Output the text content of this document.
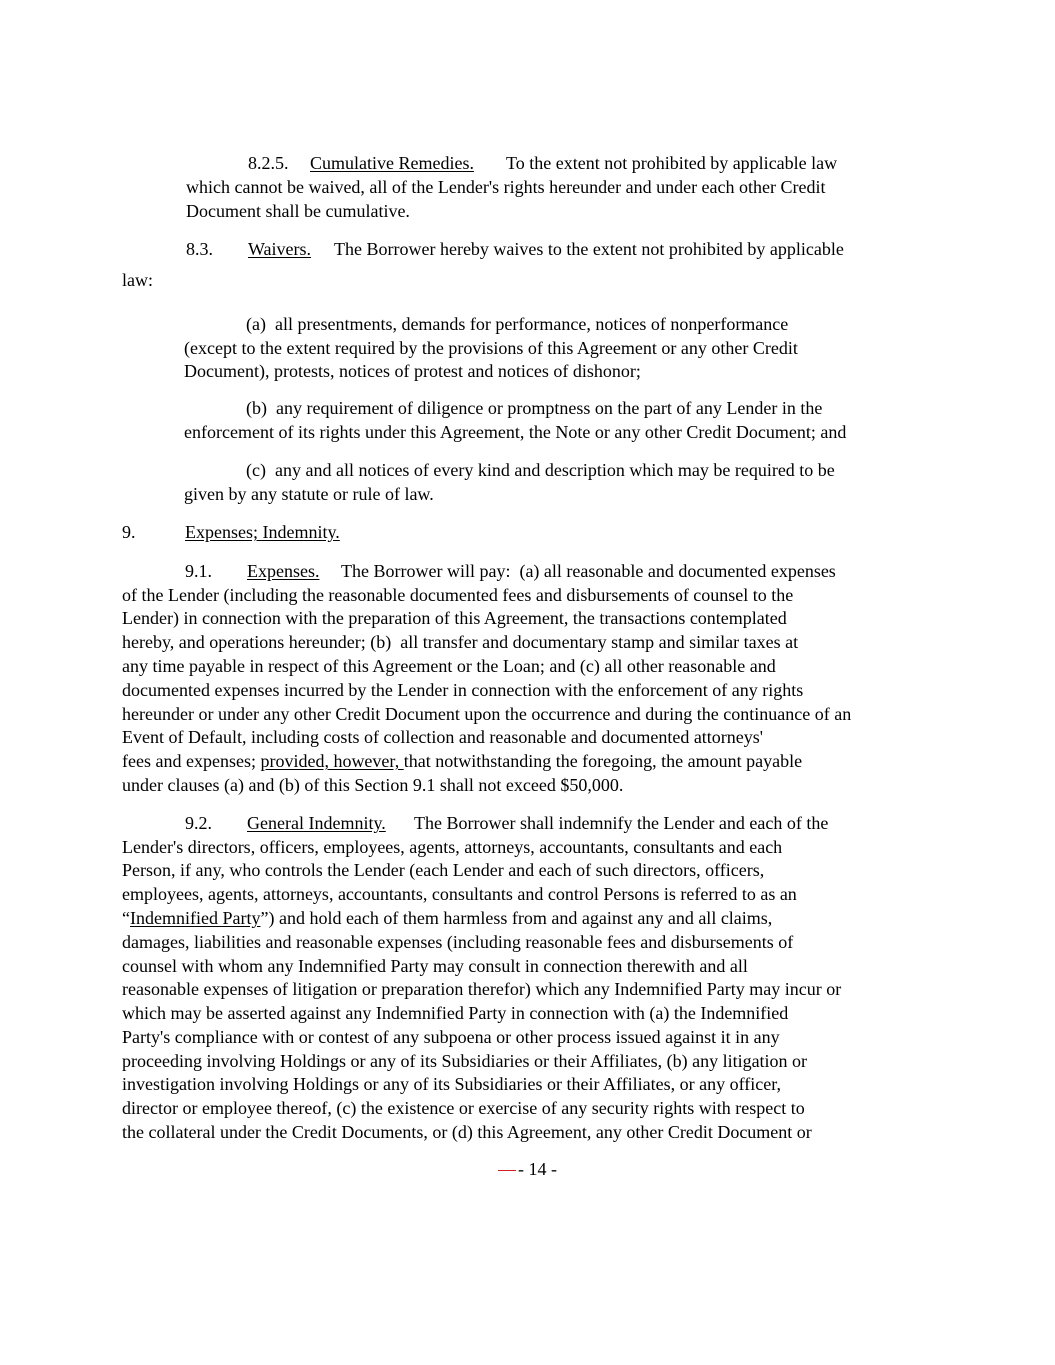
8.2.5. Cumulative Remedies. To the extent not prohibited by applicable law
which cannot be waived, all of the Lender's rights hereunder and under each other Credit
Document shall be cumulative.
8.3. Waivers. The Borrower hereby waives to the extent not prohibited by applicable
law:
(a)  all presentments, demands for performance, notices of nonperformance
(except to the extent required by the provisions of this Agreement or any other Credit
Document), protests, notices of protest and notices of dishonor;
(b)  any requirement of diligence or promptness on the part of any Lender in the
enforcement of its rights under this Agreement, the Note or any other Credit Document; and
(c)  any and all notices of every kind and description which may be required to be
given by any statute or rule of law.
9.	Expenses; Indemnity.
9.1. Expenses. The Borrower will pay:  (a) all reasonable and documented expenses
of the Lender (including the reasonable documented fees and disbursements of counsel to the
Lender) in connection with the preparation of this Agreement, the transactions contemplated
hereby, and operations hereunder; (b)  all transfer and documentary stamp and similar taxes at
any time payable in respect of this Agreement or the Loan; and (c) all other reasonable and
documented expenses incurred by the Lender in connection with the enforcement of any rights
hereunder or under any other Credit Document upon the occurrence and during the continuance of an
Event of Default, including costs of collection and reasonable and documented attorneys'
fees and expenses; provided, however, that notwithstanding the foregoing, the amount payable
under clauses (a) and (b) of this Section 9.1 shall not exceed $50,000.
9.2. General Indemnity. The Borrower shall indemnify the Lender and each of the
Lender's directors, officers, employees, agents, attorneys, accountants, consultants and each
Person, if any, who controls the Lender (each Lender and each of such directors, officers,
employees, agents, attorneys, accountants, consultants and control Persons is referred to as an
“Indemnified Party”) and hold each of them harmless from and against any and all claims,
damages, liabilities and reasonable expenses (including reasonable fees and disbursements of
counsel with whom any Indemnified Party may consult in connection therewith and all
reasonable expenses of litigation or preparation therefor) which any Indemnified Party may incur or
which may be asserted against any Indemnified Party in connection with (a) the Indemnified
Party's compliance with or contest of any subpoena or other process issued against it in any
proceeding involving Holdings or any of its Subsidiaries or their Affiliates, (b) any litigation or
investigation involving Holdings or any of its Subsidiaries or their Affiliates, or any officer,
director or employee thereof, (c) the existence or exercise of any security rights with respect to
the collateral under the Credit Documents, or (d) this Agreement, any other Credit Document or
- 14 -
